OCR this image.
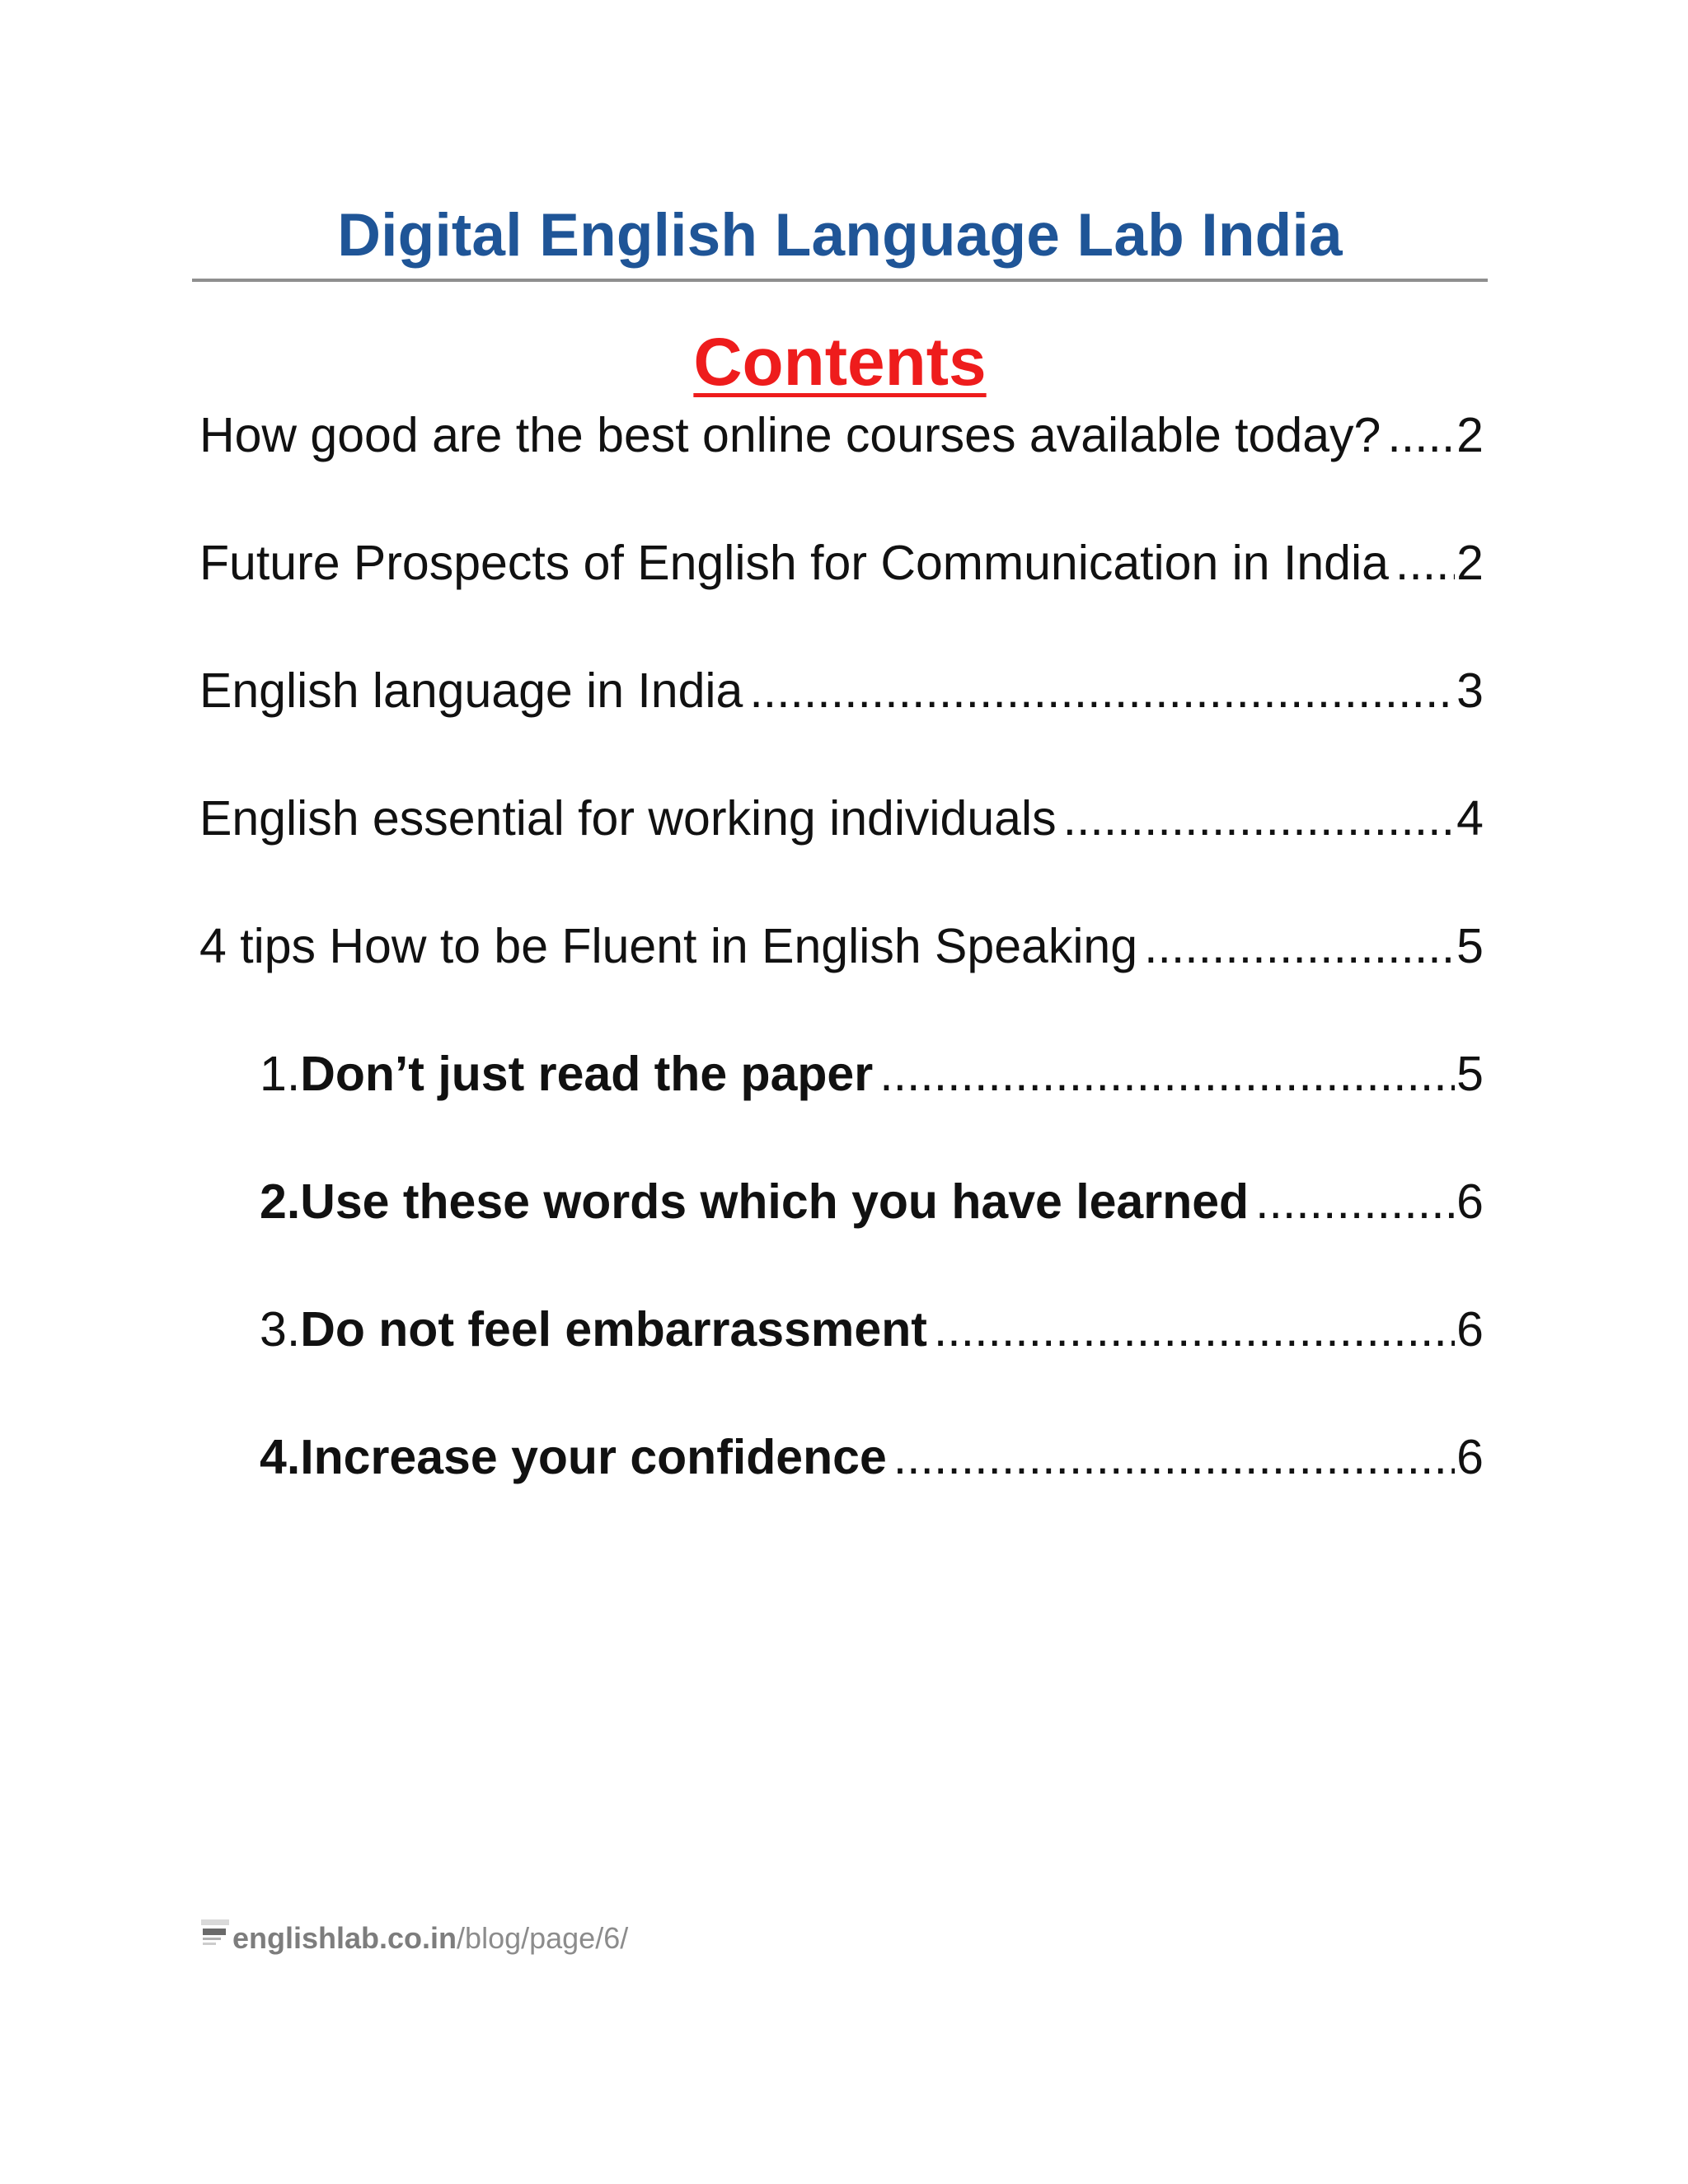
Digital English Language Lab India
Contents
How good are the best online courses available today? ..... 2
Future Prospects of English for Communication in India ..... 2
English language in India .....	3
English essential for working individuals .....	4
4 tips How to be Fluent in English Speaking .....	5
1. Don’t just read the paper .....	5
2. Use these words which you have learned .....	6
3. Do not feel embarrassment .....	6
4. Increase your confidence .....	6
englishlab.co.in /blog/page/6/
